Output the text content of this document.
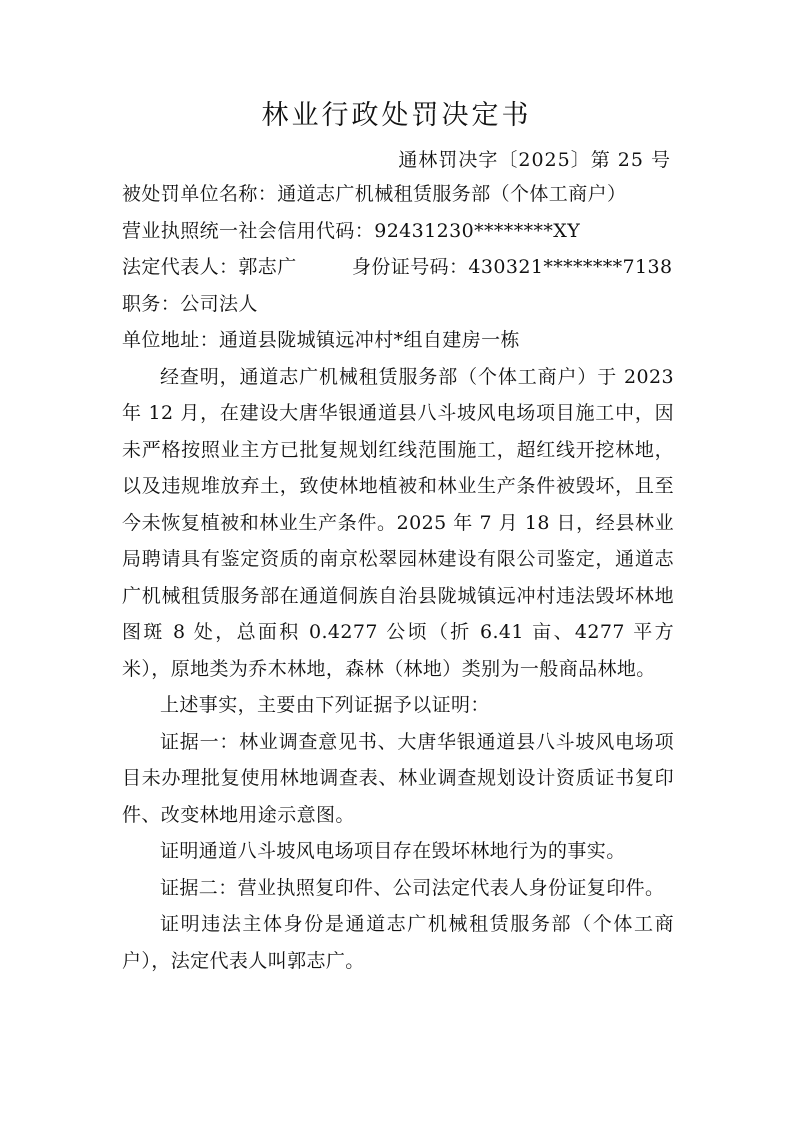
林业行政处罚决定书
通林罚决字〔2025〕第 25 号
被处罚单位名称：通道志广机械租赁服务部（个体工商户）
营业执照统一社会信用代码：92431230********XY
法定代表人：郭志广	身份证号码：430321********7138
职务：公司法人
单位地址：通道县陇城镇远冲村*组自建房一栋

经查明，通道志广机械租赁服务部（个体工商户）于 2023 年 12 月，在建设大唐华银通道县八斗坡风电场项目施工中，因未严格按照业主方已批复规划红线范围施工，超红线开挖林地，以及违规堆放弃土，致使林地植被和林业生产条件被毁坏，且至今未恢复植被和林业生产条件。2025 年 7 月 18 日，经县林业局聘请具有鉴定资质的南京松翠园林建设有限公司鉴定，通道志广机械租赁服务部在通道侗族自治县陇城镇远冲村违法毁坏林地图斑 8 处，总面积 0.4277 公顷（折 6.41 亩、4277 平方米），原地类为乔木林地，森林（林地）类别为一般商品林地。

上述事实，主要由下列证据予以证明：

证据一：林业调查意见书、大唐华银通道县八斗坡风电场项目未办理批复使用林地调查表、林业调查规划设计资质证书复印件、改变林地用途示意图。

证明通道八斗坡风电场项目存在毁坏林地行为的事实。

证据二：营业执照复印件、公司法定代表人身份证复印件。

证明违法主体身份是通道志广机械租赁服务部（个体工商户），法定代表人叫郭志广。
